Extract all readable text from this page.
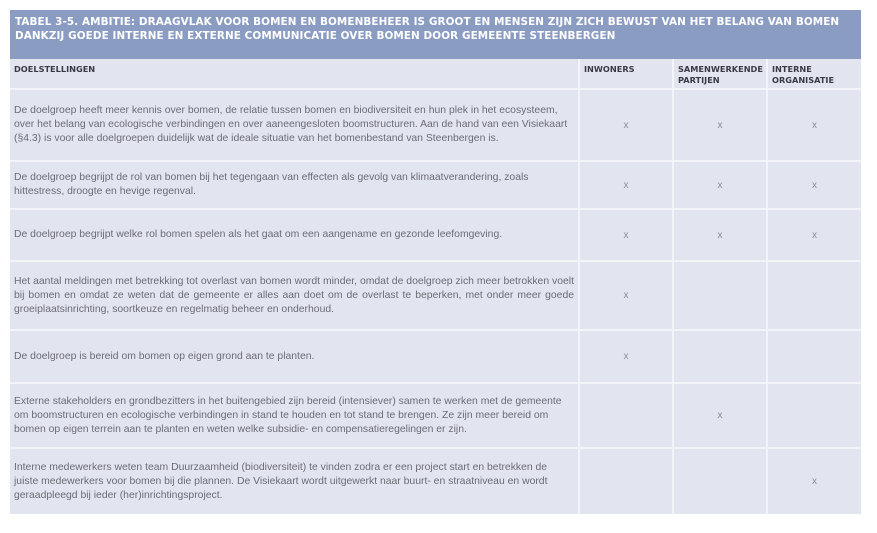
TABEL 3-5. AMBITIE: DRAAGVLAK VOOR BOMEN EN BOMENBEHEER IS GROOT EN MENSEN ZIJN ZICH BEWUST VAN HET BELANG VAN BOMEN DANKZIJ GOEDE INTERNE EN EXTERNE COMMUNICATIE OVER BOMEN DOOR GEMEENTE STEENBERGEN
DOELSTELLINGEN	INWONERS	SAMENWERKENDE PARTIJEN	INTERNE ORGANISATIE
De doelgroep heeft meer kennis over bomen, de relatie tussen bomen en biodiversiteit en hun plek in het ecosysteem, over het belang van ecologische verbindingen en over aaneengesloten boomstructuren. Aan de hand van een Visiekaart (§4.3) is voor alle doelgroepen duidelijk wat de ideale situatie van het bomenbestand van Steenbergen is.	x	x	x
De doelgroep begrijpt de rol van bomen bij het tegengaan van effecten als gevolg van klimaatverandering, zoals hittestress, droogte en hevige regenval.	x	x	x
De doelgroep begrijpt welke rol bomen spelen als het gaat om een aangename en gezonde leefomgeving.	x	x	x
Het aantal meldingen met betrekking tot overlast van bomen wordt minder, omdat de doelgroep zich meer betrokken voelt bij bomen en omdat ze weten dat de gemeente er alles aan doet om de overlast te beperken, met onder meer goede groeiplaatsinrichting, soortkeuze en regelmatig beheer en onderhoud.	x		
De doelgroep is bereid om bomen op eigen grond aan te planten.	x		
Externe stakeholders en grondbezitters in het buitengebied zijn bereid (intensiever) samen te werken met de gemeente om boomstructuren en ecologische verbindingen in stand te houden en tot stand te brengen. Ze zijn meer bereid om bomen op eigen terrein aan te planten en weten welke subsidie- en compensatieregelingen er zijn.		x	
Interne medewerkers weten team Duurzaamheid (biodiversiteit) te vinden zodra er een project start en betrekken de juiste medewerkers voor bomen bij die plannen. De Visiekaart wordt uitgewerkt naar buurt- en straatniveau en wordt geraadpleegd bij ieder (her)inrichtingsproject.			x
